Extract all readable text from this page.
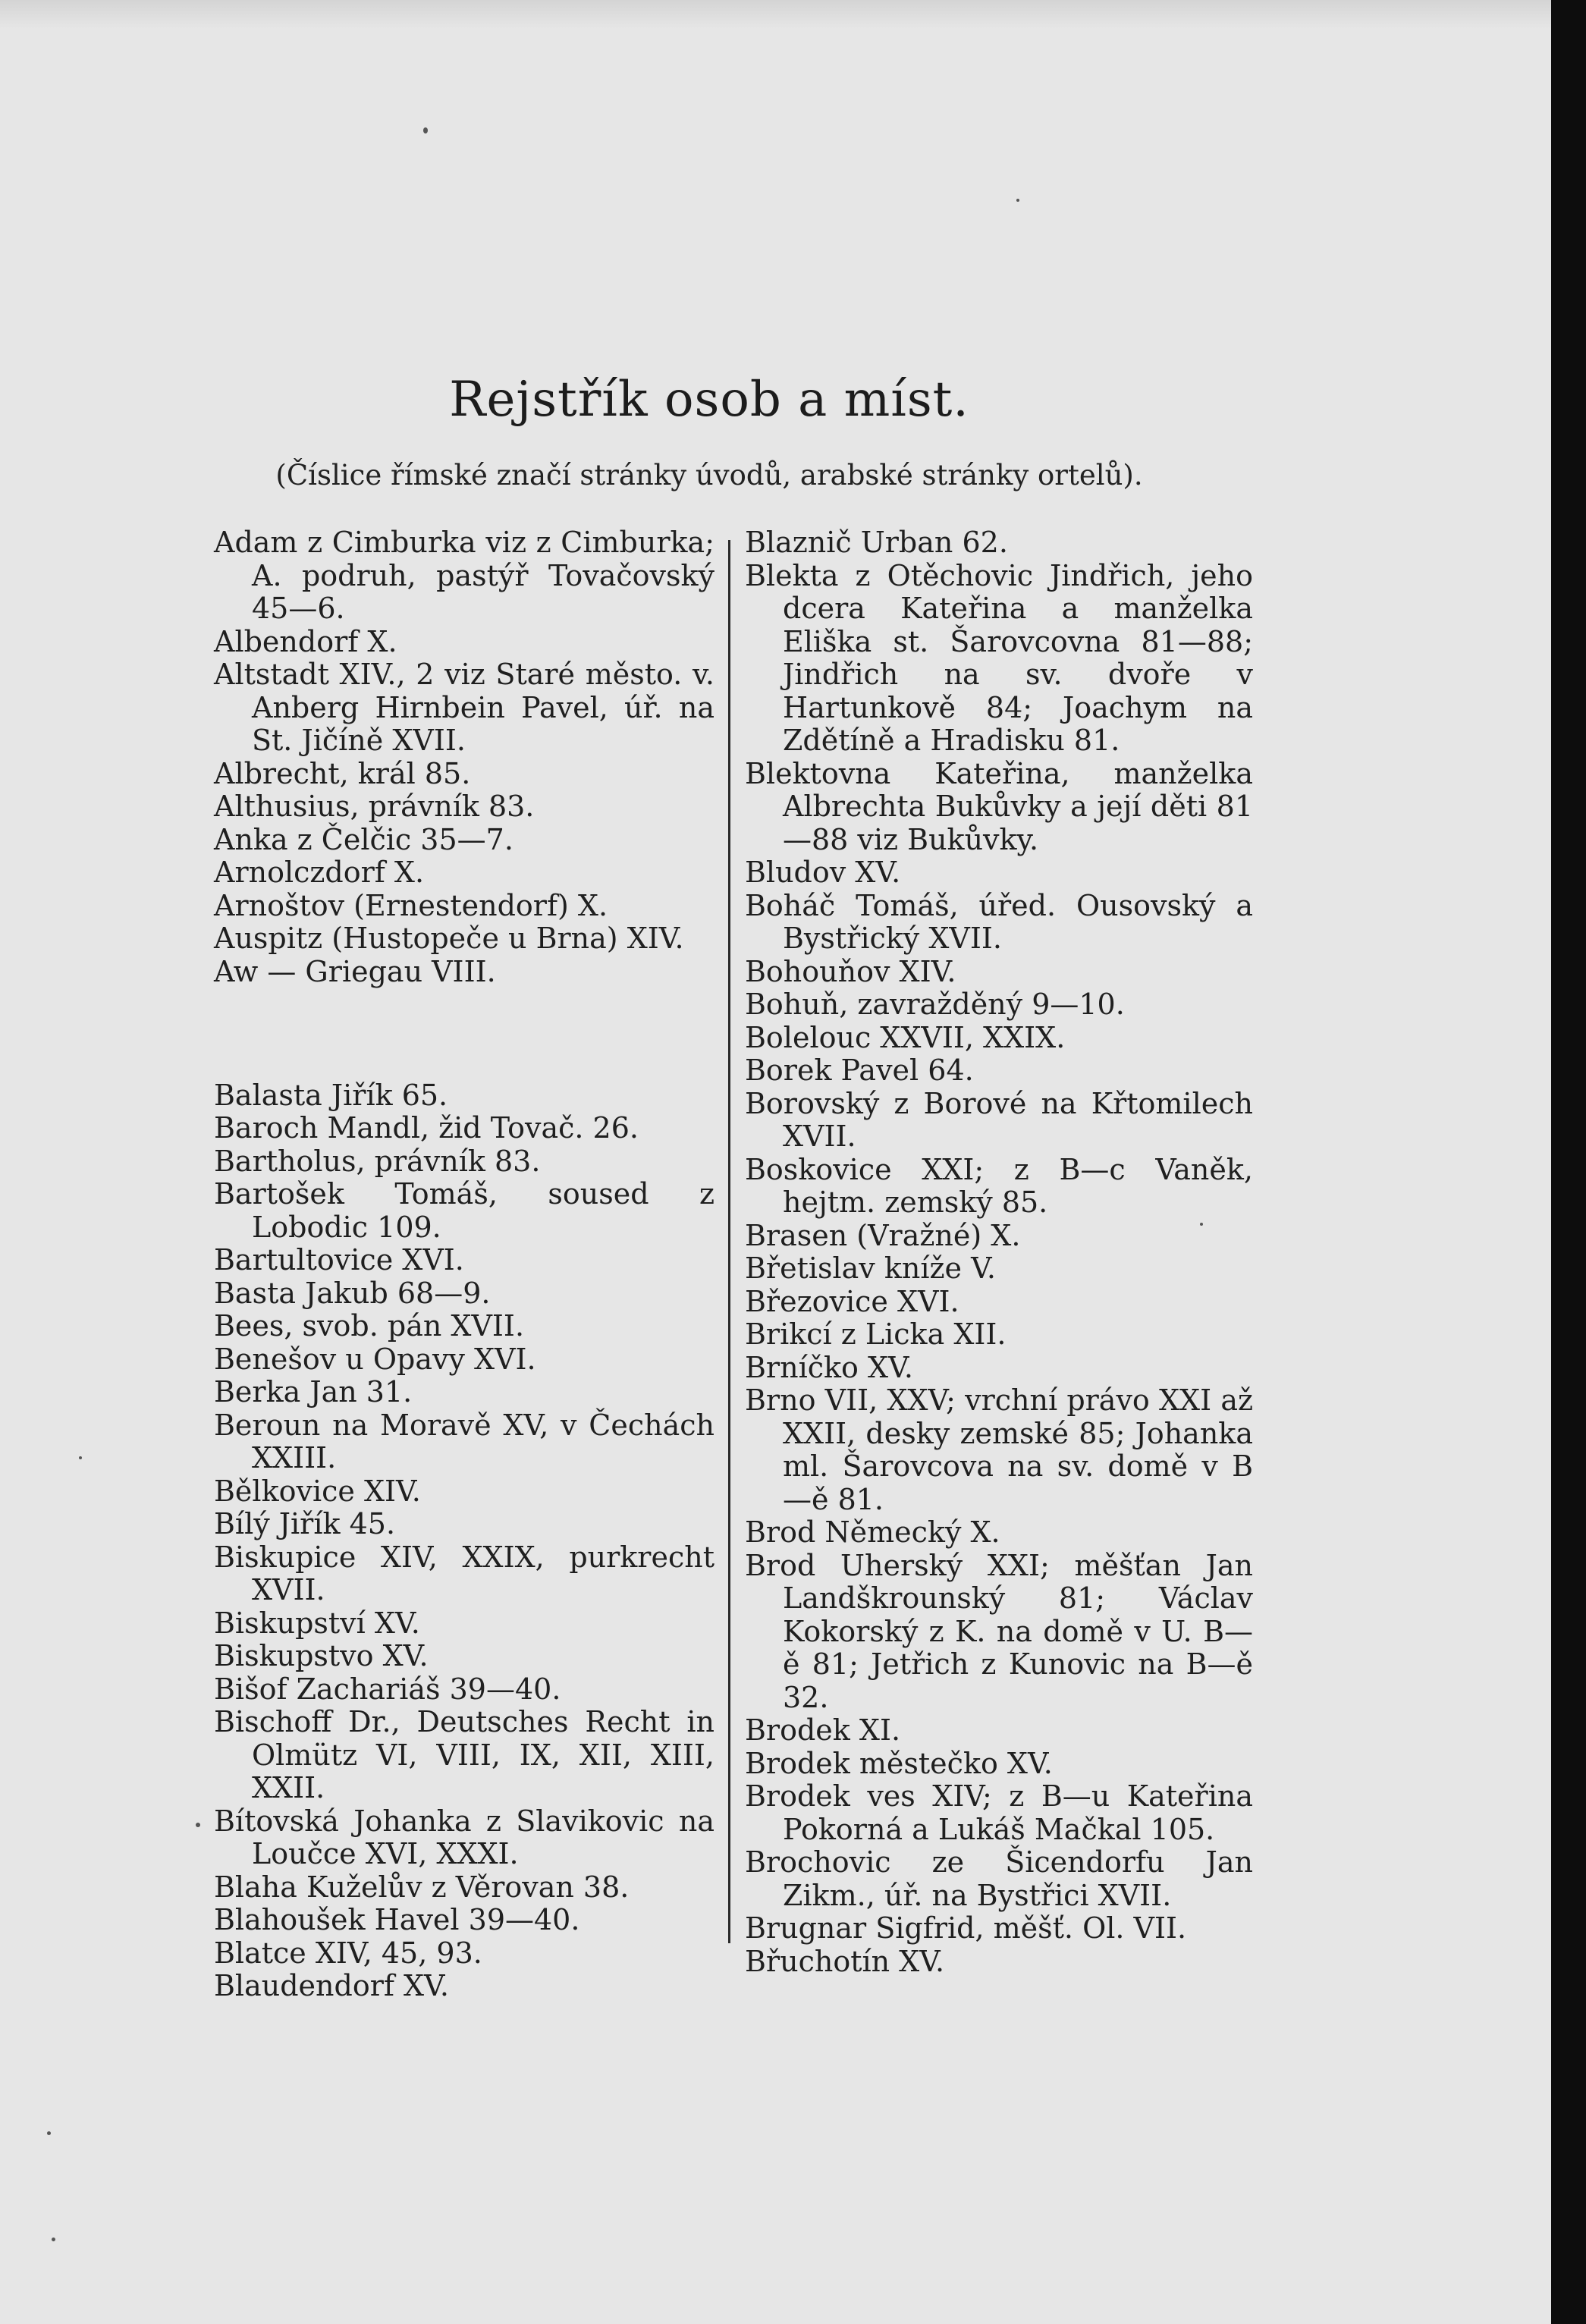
Rejstřík osob a míst.
(Číslice římské značí stránky úvodů, arabské stránky ortelů).

Adam z Cimburka viz z Cimburka; A. podruh, pastýř Tovačovský 45—6.

Albendorf X.

Altstadt XIV., 2 viz Staré město. v. Anberg Hirnbein Pavel, úř. na St. Jičíně XVII.

Albrecht, král 85.

Althusius, právník 83.

Anka z Čelčic 35—7.

Arnolczdorf X.

Arnoštov (Ernestendorf) X.

Auspitz (Hustopeče u Brna) XIV.

Aw — Griegau VIII.

Balasta Jiřík 65.

Baroch Mandl, žid Tovač. 26.

Bartholus, právník 83.

Bartošek Tomáš, soused z Lobodic 109.

Bartultovice XVI.

Basta Jakub 68—9.

Bees, svob. pán XVII.

Benešov u Opavy XVI.

Berka Jan 31.

Beroun na Moravě XV, v Čechách XXIII.

Bělkovice XIV.

Bílý Jiřík 45.

Biskupice XIV, XXIX, purkrecht XVII.

Biskupství XV.

Biskupstvo XV.

Bišof Zachariáš 39—40.

Bischoff Dr., Deutsches Recht in Olmütz VI, VIII, IX, XII, XIII, XXII.

Bítovská Johanka z Slavikovic na Loučce XVI, XXXI.

Blaha Kuželův z Věrovan 38.

Blahoušek Havel 39—40.

Blatce XIV, 45, 93.

Blaudendorf XV.

Blaznič Urban 62.

Blekta z Otěchovic Jindřich, jeho dcera Kateřina a manželka Eliška st. Šarovcovna 81—88; Jindřich na sv. dvoře v Hartunkově 84; Joachym na Zdětíně a Hradisku 81.

Blektovna Kateřina, manželka Albrechta Bukůvky a její děti 81—88 viz Bukůvky.

Bludov XV.

Boháč Tomáš, úřed. Ousovský a Bystřický XVII.

Bohouňov XIV.

Bohuň, zavražděný 9—10.

Bolelouc XXVII, XXIX.

Borek Pavel 64.

Borovský z Borové na Křtomilech XVII.

Boskovice XXI; z B—c Vaněk, hejtm. zemský 85.

Brasen (Vražné) X.

Břetislav kníže V.

Březovice XVI.

Brikcí z Licka XII.

Brníčko XV.

Brno VII, XXV; vrchní právo XXI až XXII, desky zemské 85; Johanka ml. Šarovcova na sv. domě v B—ě 81.

Brod Německý X.

Brod Uherský XXI; měšťan Jan Landškrounský 81; Václav Kokorský z K. na domě v U. B—ě 81; Jetřich z Kunovic na B—ě 32.

Brodek XI.

Brodek městečko XV.

Brodek ves XIV; z B—u Kateřina Pokorná a Lukáš Mačkal 105.

Brochovic ze Šicendorfu Jan Zikm., úř. na Bystřici XVII.

Brugnar Sigfrid, měšť. Ol. VII.

Břuchotín XV.
